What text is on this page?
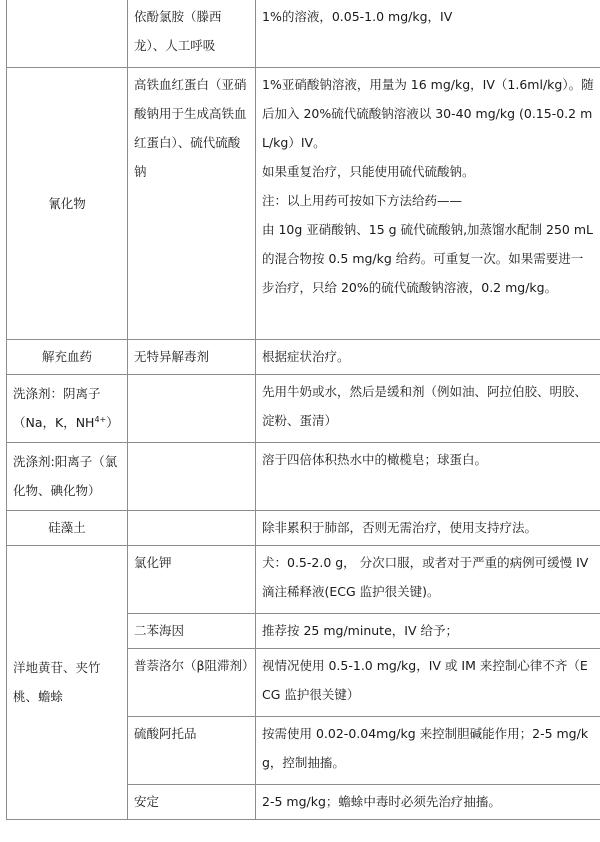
	依酚氯胺（滕西龙）、人工呼吸	1%的溶液，0.05-1.0 mg/kg，IV

氰化物	高铁血红蛋白（亚硝酸钠用于生成高铁血红蛋白）、硫代硫酸钠	1%亚硝酸钠溶液，用量为 16 mg/kg，IV（1.6ml/kg）。随后加入 20%硫代硫酸钠溶液以 30-40 mg/kg (0.15-0.2 mL/kg）IV。
如果重复治疗，只能使用硫代硫酸钠。
注：以上用药可按如下方法给药——
由 10g 亚硝酸钠、15 g 硫代硫酸钠,加蒸馏水配制 250 mL 的混合物按 0.5 mg/kg 给药。可重复一次。如果需要进一步治疗，只给 20%的硫代硫酸钠溶液，0.2 mg/kg。

解充血药	无特异解毒剂	根据症状治疗。

洗涤剂：阴离子（Na，K，$NH^{4+}$）		先用牛奶或水，然后是缓和剂（例如油、阿拉伯胶、明胶、淀粉、蛋清）

洗涤剂:阳离子（氯化物、碘化物）		溶于四倍体积热水中的橄榄皂；球蛋白。

硅藻土		除非累积于肺部，否则无需治疗，使用支持疗法。

洋地黄苷、夹竹桃、蟾蜍	氯化钾	犬：0.5-2.0 g， 分次口服，或者对于严重的病例可缓慢 IV 滴注稀释液(ECG 监护很关键)。

	二苯海因	推荐按 25 mg/minute，IV 给予；

	普萘洛尔（β阻滞剂）	视情况使用 0.5-1.0 mg/kg，IV 或 IM 来控制心律不齐（ECG 监护很关键）

	硫酸阿托品	按需使用 0.02-0.04mg/kg 来控制胆碱能作用；2-5 mg/kg，控制抽搐。

	安定	2-5 mg/kg；蟾蜍中毒时必须先治疗抽搐。
